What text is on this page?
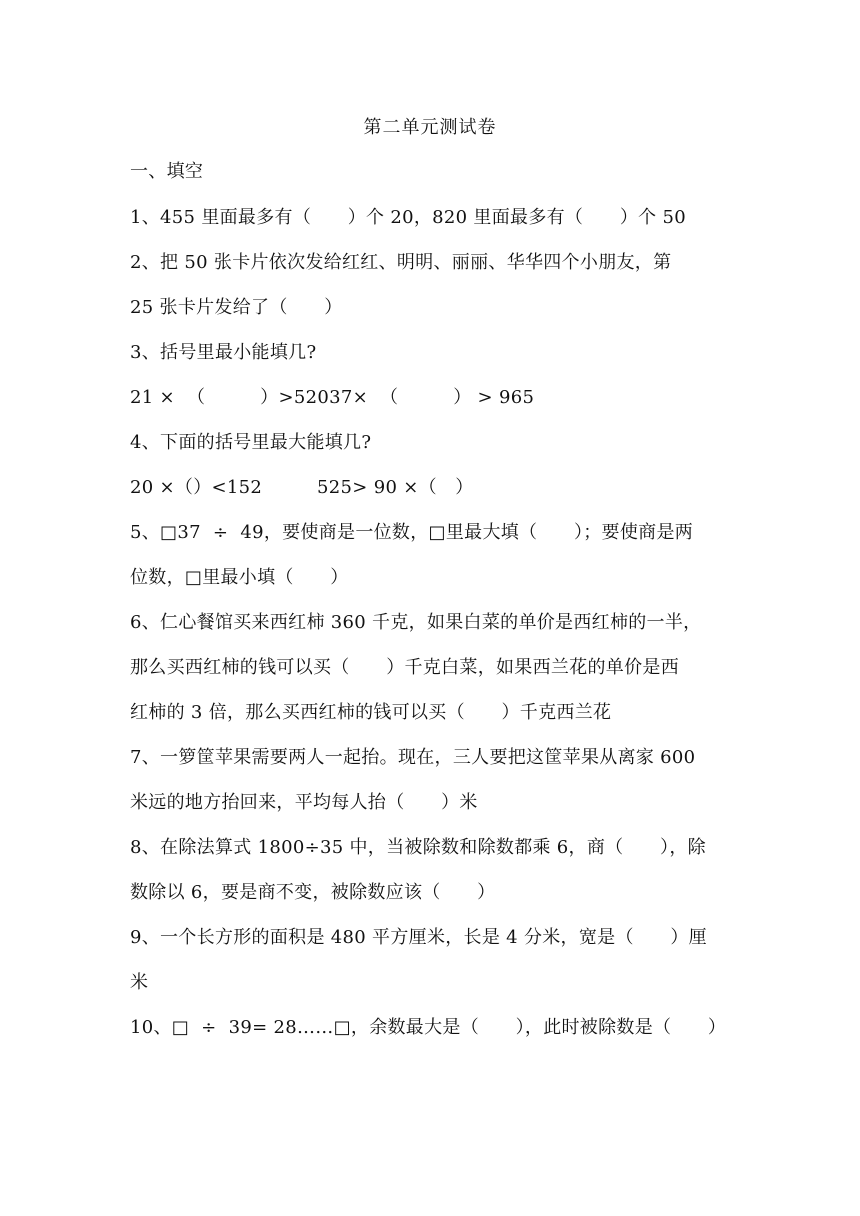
第二单元测试卷
一、填空
1、455 里面最多有（　　）个 20，820 里面最多有（　　）个 50
2、把 50 张卡片依次发给红红、明明、丽丽、华华四个小朋友，第
25 张卡片发给了（　　）
3、括号里最小能填几?
21 ×  （　　　）>52037×  （　　　） > 965
4、下面的括号里最大能填几?
20 ×（）<152　　　525> 90 ×（　）
5、□37  ÷  49，要使商是一位数，□里最大填（　　）；要使商是两
位数，□里最小填（　　）
6、仁心餐馆买来西红柿 360 千克，如果白菜的单价是西红柿的一半，
那么买西红柿的钱可以买（　　）千克白菜，如果西兰花的单价是西
红柿的 3 倍，那么买西红柿的钱可以买（　　）千克西兰花
7、一箩筐苹果需要两人一起抬。现在，三人要把这筐苹果从离家 600
米远的地方抬回来，平均每人抬（　　）米
8、在除法算式 1800÷35 中，当被除数和除数都乘 6，商（　　），除
数除以 6，要是商不变，被除数应该（　　）
9、一个长方形的面积是 480 平方厘米，长是 4 分米，宽是（　　）厘
米
10、□  ÷  39= 28……□，余数最大是（　　），此时被除数是（　　）
